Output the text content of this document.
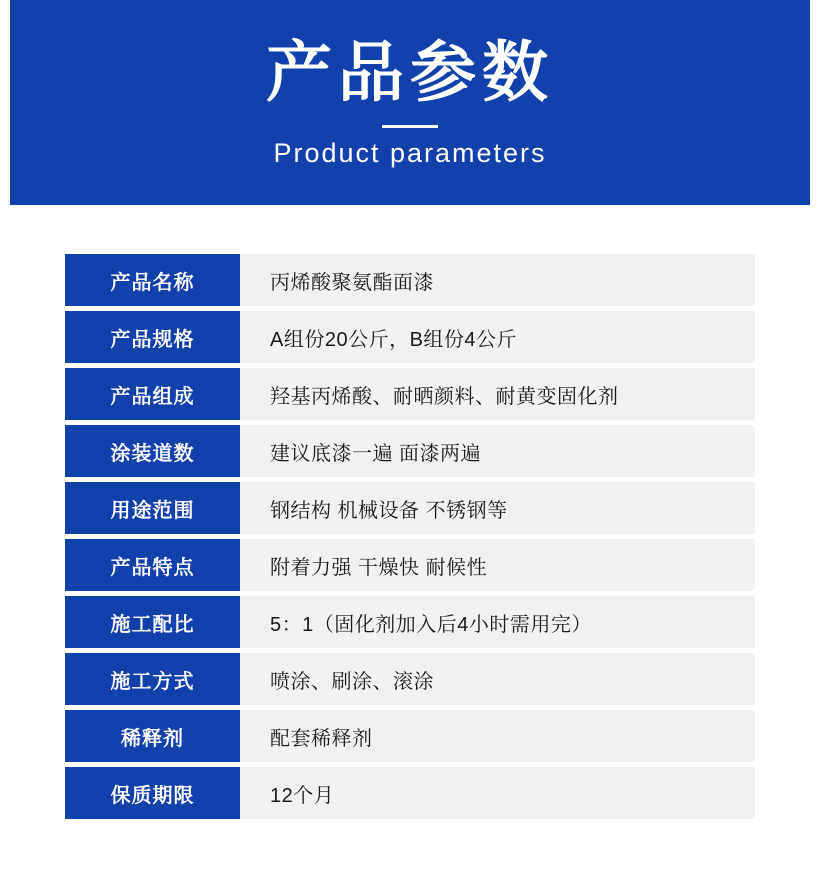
产品参数
Product parameters
产品名称	丙烯酸聚氨酯面漆
产品规格	A组份20公斤，B组份4公斤
产品组成	羟基丙烯酸、耐晒颜料、耐黄变固化剂
涂装道数	建议底漆一遍 面漆两遍
用途范围	钢结构 机械设备 不锈钢等
产品特点	附着力强 干燥快 耐候性
施工配比	5：1（固化剂加入后4小时需用完）
施工方式	喷涂、刷涂、滚涂
稀释剂	配套稀释剂
保质期限	12个月
